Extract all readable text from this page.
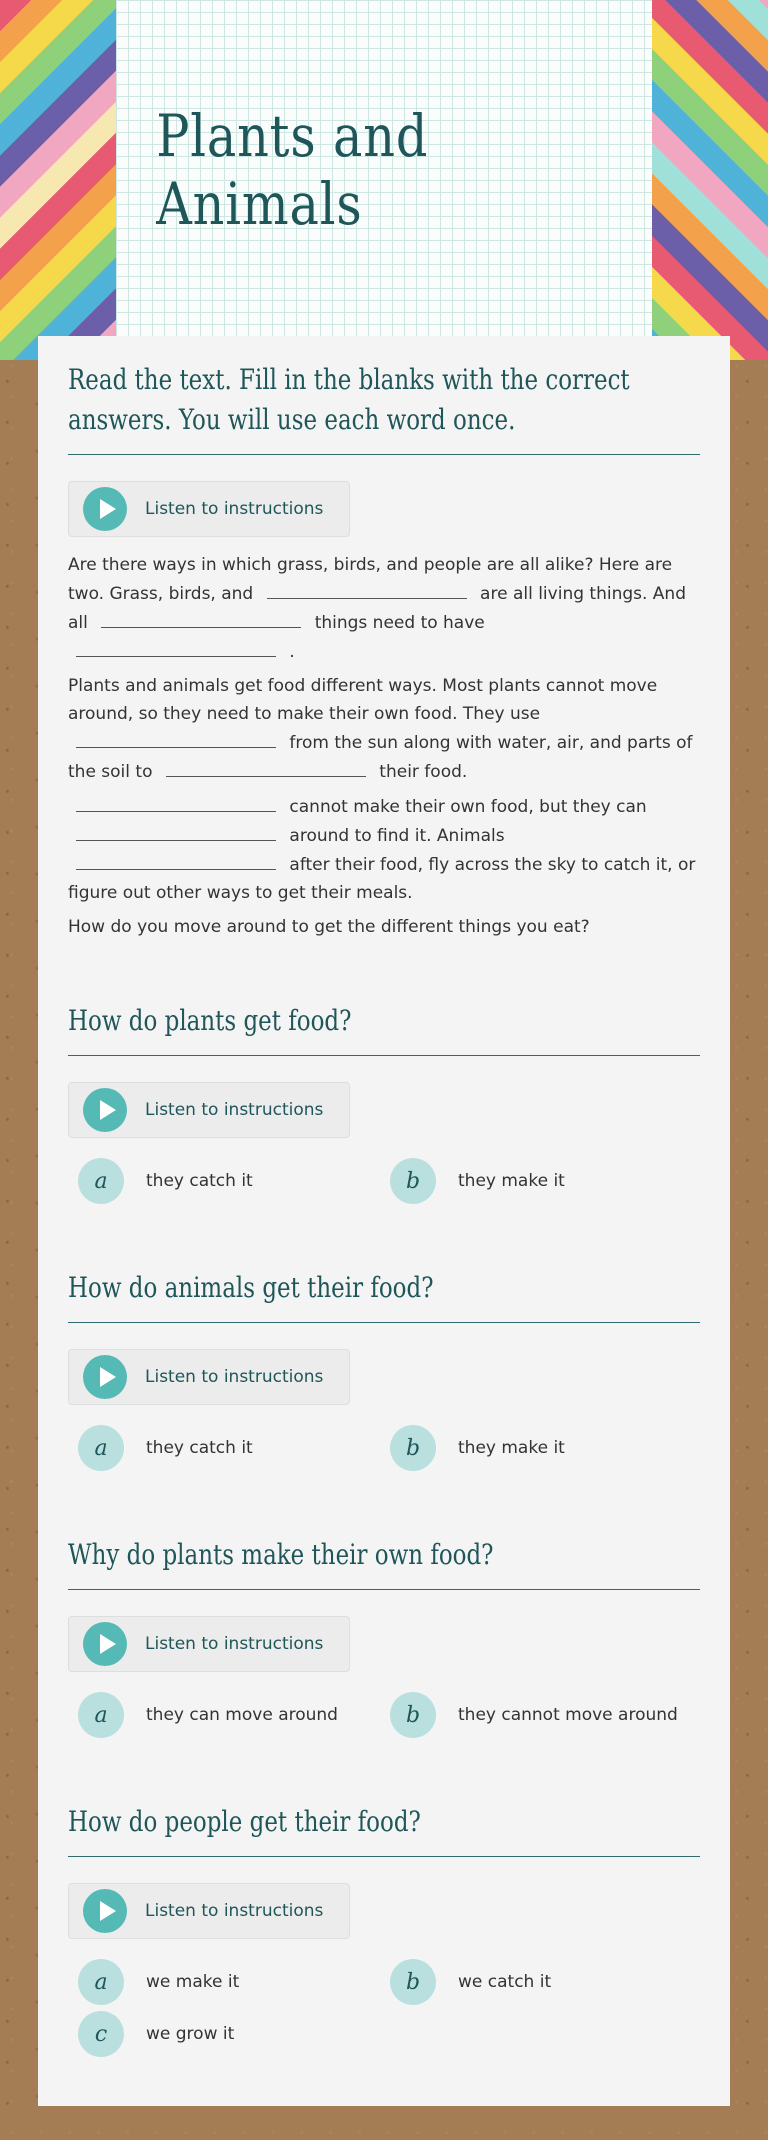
Plants and Animals
Read the text. Fill in the blanks with the correct answers. You will use each word once.
Listen to instructions

Are there ways in which grass, birds, and people are all alike? Here are two. Grass, birds, and	are all living things. And all	things need to have  .

Plants and animals get food different ways. Most plants cannot move around, so they need to make their own food. They use  from the sun along with water, air, and parts of the soil to	their food.

cannot make their own food, but they can  around to find it. Animals  after their food, fly across the sky to catch it, or figure out other ways to get their meals.

How do you move around to get the different things you eat?

How do plants get food?
Listen to instructions
a	they catch it	b	they make it
How do animals get their food?
Listen to instructions
a	they catch it	b	they make it
Why do plants make their own food?
Listen to instructions
a	they can move around	b	they cannot move around
How do people get their food?
Listen to instructions
a	we make it	b	we catch it
c	we grow it
